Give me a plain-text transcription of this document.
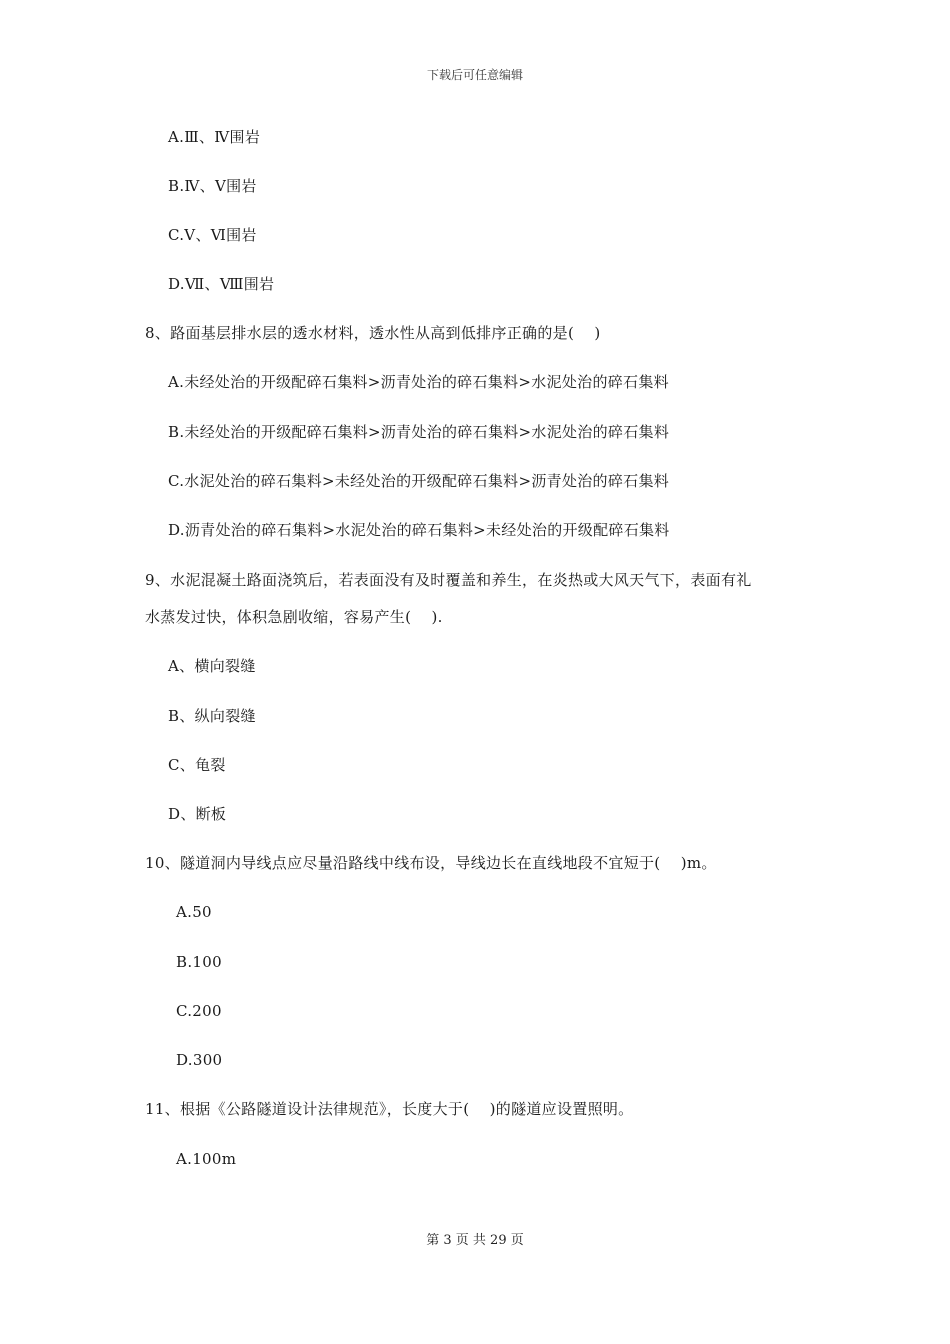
下载后可任意编辑
A.Ⅲ、Ⅳ围岩
B.Ⅳ、Ⅴ围岩
C.Ⅴ、Ⅵ围岩
D.Ⅶ、Ⅷ围岩
8、路面基层排水层的透水材料，透水性从高到低排序正确的是(    )
A.未经处治的开级配碎石集料>沥青处治的碎石集料>水泥处治的碎石集料
B.未经处治的开级配碎石集料>沥青处治的碎石集料>水泥处治的碎石集料
C.水泥处治的碎石集料>未经处治的开级配碎石集料>沥青处治的碎石集料
D.沥青处治的碎石集料>水泥处治的碎石集料>未经处治的开级配碎石集料
9、水泥混凝土路面浇筑后，若表面没有及时覆盖和养生，在炎热或大风天气下，表面有礼
水蒸发过快，体积急剧收缩，容易产生(    ).
A、横向裂缝
B、纵向裂缝
C、龟裂
D、断板
10、隧道洞内导线点应尽量沿路线中线布设，导线边长在直线地段不宜短于(    )m。
A.50
B.100
C.200
D.300
11、根据《公路隧道设计法律规范》，长度大于(    )的隧道应设置照明。
A.100m
第 3 页 共 29 页
